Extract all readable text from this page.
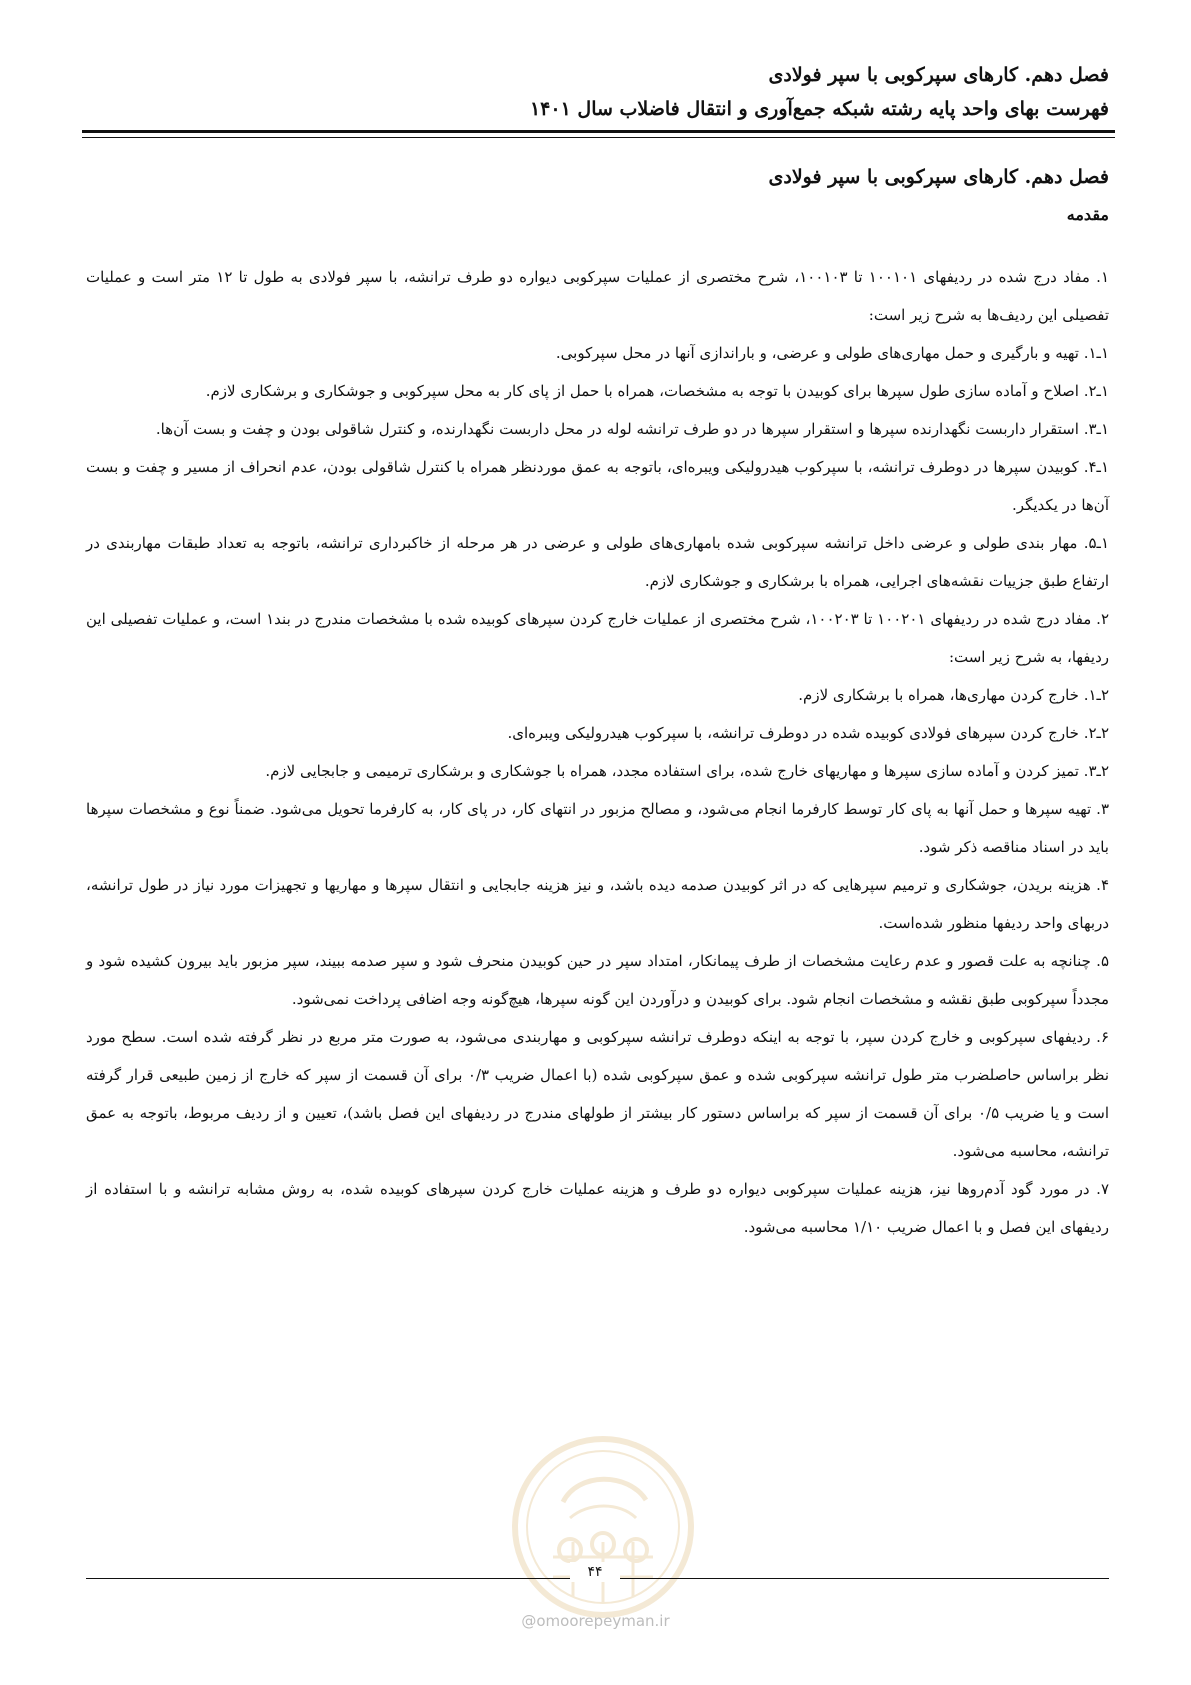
فصل دهم. کارهای سپرکوبی با سپر فولادی
فهرست بهای واحد پایه رشته شبکه جمع‌آوری و انتقال فاضلاب سال ۱۴۰۱
فصل دهم. کارهای سپرکوبی با سپر فولادی
مقدمه

۱. مفاد درج شده در ردیفهای ۱۰۰۱۰۱ تا ۱۰۰۱۰۳، شرح مختصری از عملیات سپرکوبی دیواره دو طرف ترانشه، با سپر فولادی به طول تا ۱۲ متر است و عملیات تفصیلی این ردیف‌ها به شرح زیر است:

۱ـ۱. تهیه و بارگیری و حمل مهاری‌های طولی و عرضی، و باراندازی آنها در محل سپرکوبی.

۱ـ۲. اصلاح و آماده سازی طول سپرها برای کوبیدن با توجه به مشخصات، همراه با حمل از پای کار به محل سپرکوبی و جوشکاری و برشکاری لازم.

۱ـ۳. استقرار داربست نگهدارنده سپرها و استقرار سپرها در دو طرف ترانشه لوله در محل داربست نگهدارنده، و کنترل شاقولی بودن و چفت و بست آن‌ها.

۱ـ۴. کوبیدن سپرها در دوطرف ترانشه، با سپرکوب هیدرولیکی ویبره‌ای، باتوجه به عمق موردنظر همراه با کنترل شاقولی بودن، عدم انحراف از مسیر و چفت و بست آن‌ها در یکدیگر.

۱ـ۵. مهار بندی طولی و عرضی داخل ترانشه سپرکوبی شده بامهاری‌های طولی و عرضی در هر مرحله از خاکبرداری ترانشه، باتوجه به تعداد طبقات مهاربندی در ارتفاع طبق جزییات نقشه‌های اجرایی، همراه با برشکاری و جوشکاری لازم.

۲. مفاد درج شده در ردیفهای ۱۰۰۲۰۱ تا ۱۰۰۲۰۳، شرح مختصری از عملیات خارج کردن سپرهای کوبیده شده با مشخصات مندرج در بند۱ است، و عملیات تفصیلی این ردیفها، به شرح زیر است:

۲ـ۱. خارج کردن مهاری‌ها، همراه با برشکاری لازم.

۲ـ۲. خارج کردن سپرهای فولادی کوبیده شده در دوطرف ترانشه، با سپرکوب هیدرولیکی ویبره‌ای.

۲ـ۳. تمیز کردن و آماده سازی سپرها و مهاریهای خارج شده، برای استفاده مجدد، همراه با جوشکاری و برشکاری ترمیمی و جابجایی لازم.

۳. تهیه سپرها و حمل آنها به پای کار توسط کارفرما انجام می‌شود، و مصالح مزبور در انتهای کار، در پای کار، به کارفرما تحویل می‌شود. ضمناً نوع و مشخصات سپرها باید در اسناد مناقصه ذکر شود.

۴. هزینه بریدن، جوشکاری و ترمیم سپرهایی که در اثر کوبیدن صدمه دیده باشد، و نیز هزینه جابجایی و انتقال سپرها و مهاریها و تجهیزات مورد نیاز در طول ترانشه، دربهای واحد ردیفها منظور شده‌است.

۵. چنانچه به علت قصور و عدم رعایت مشخصات از طرف پیمانکار، امتداد سپر در حین کوبیدن منحرف شود و سپر صدمه ببیند، سپر مزبور باید بیرون کشیده شود و مجدداً سپرکوبی طبق نقشه و مشخصات انجام شود. برای کوبیدن و درآوردن این گونه سپرها، هیچ‌گونه وجه اضافی پرداخت نمی‌شود.

۶. ردیفهای سپرکوبی و خارج کردن سپر، با توجه به اینکه دوطرف ترانشه سپرکوبی و مهاربندی می‌شود، به صورت متر مربع در نظر گرفته شده است. سطح مورد نظر براساس حاصلضرب متر طول ترانشه سپرکوبی شده و عمق سپرکوبی شده (با اعمال ضریب ۰/۳ برای آن قسمت از سپر که خارج از زمین طبیعی قرار گرفته است و یا ضریب ۰/۵ برای آن قسمت از سپر که براساس دستور کار بیشتر از طولهای مندرج در ردیفهای این فصل باشد)، تعیین و از ردیف مربوط، باتوجه به عمق ترانشه، محاسبه می‌شود.

۷. در مورد گود آدم‌روها نیز، هزینه عملیات سپرکوبی دیواره دو طرف و هزینه عملیات خارج کردن سپرهای کوبیده شده، به روش مشابه ترانشه و با استفاده از ردیفهای این فصل و با اعمال ضریب ۱/۱۰ محاسبه می‌شود.

۴۴
@omoorepeyman.ir
